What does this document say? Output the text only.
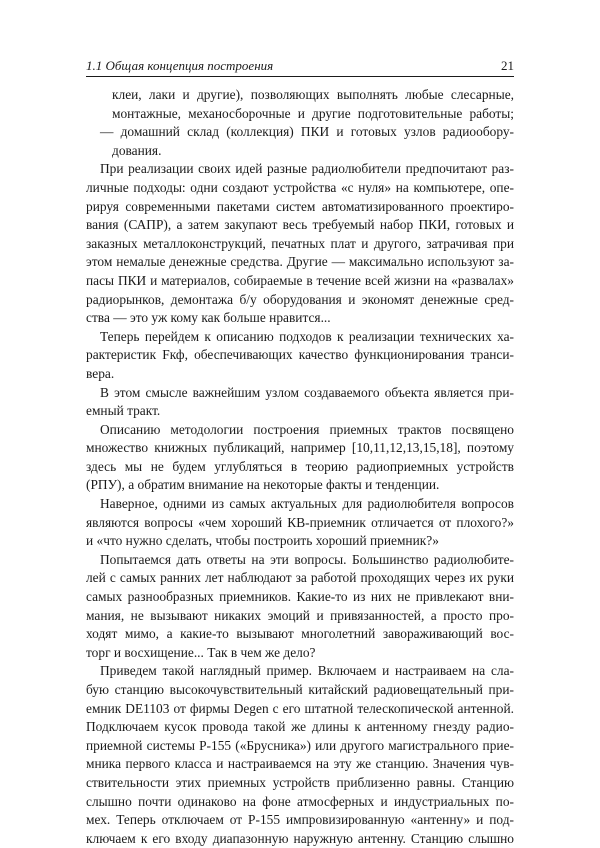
1.1 Общая концепция построения	21
клеи, лаки и другие), позволяющих выполнять любые слесарные,
монтажные, механосборочные и другие подготовительные работы;
— домашний склад (коллекция) ПКИ и готовых узлов радиообору-
дования.
При реализации своих идей разные радиолюбители предпочитают раз-
личные подходы: одни создают устройства «с нуля» на компьютере, опе-
рируя современными пакетами систем автоматизированного проектиро-
вания (САПР), а затем закупают весь требуемый набор ПКИ, готовых и
заказных металлоконструкций, печатных плат и другого, затрачивая при
этом немалые денежные средства. Другие — максимально используют за-
пасы ПКИ и материалов, собираемые в течение всей жизни на «развалах»
радиорынков, демонтажа б/у оборудования и экономят денежные сред-
ства — это уж кому как больше нравится...
Теперь перейдем к описанию подходов к реализации технических ха-
рактеристик Fкф, обеспечивающих качество функционирования транси-
вера.
В этом смысле важнейшим узлом создаваемого объекта является при-
емный тракт.
Описанию методологии построения приемных трактов посвящено
множество книжных публикаций, например [10,11,12,13,15,18], поэтому
здесь мы не будем углубляться в теорию радиоприемных устройств
(РПУ), а обратим внимание на некоторые факты и тенденции.
Наверное, одними из самых актуальных для радиолюбителя вопросов
являются вопросы «чем хороший КВ-приемник отличается от плохого?»
и «что нужно сделать, чтобы построить хороший приемник?»
Попытаемся дать ответы на эти вопросы. Большинство радиолюбите-
лей с самых ранних лет наблюдают за работой проходящих через их руки
самых разнообразных приемников. Какие-то из них не привлекают вни-
мания, не вызывают никаких эмоций и привязанностей, а просто про-
ходят мимо, а какие-то вызывают многолетний завораживающий вос-
торг и восхищение... Так в чем же дело?
Приведем такой наглядный пример. Включаем и настраиваем на сла-
бую станцию высокочувствительный китайский радиовещательный при-
емник DE1103 от фирмы Degen с его штатной телескопической антенной.
Подключаем кусок провода такой же длины к антенному гнезду радио-
приемной системы Р-155 («Брусника») или другого магистрального прие-
мника первого класса и настраиваемся на эту же станцию. Значения чув-
ствительности этих приемных устройств приблизенно равны. Станцию
слышно почти одинаково на фоне атмосферных и индустриальных по-
мех. Теперь отключаем от Р-155 импровизированную «антенну» и под-
ключаем к его входу диапазонную наружную антенну. Станцию слышно
